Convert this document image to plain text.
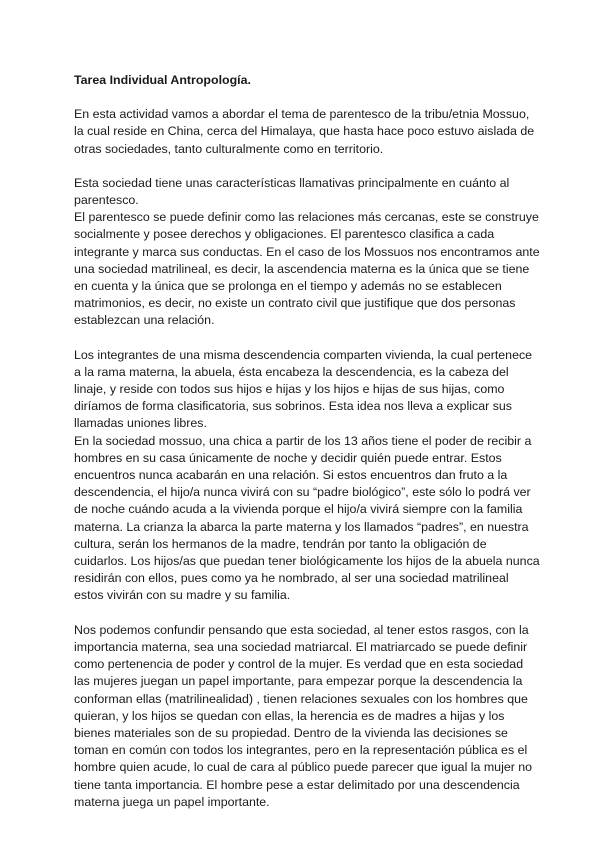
Tarea Individual Antropología.
En esta actividad vamos a abordar el tema de parentesco de la tribu/etnia Mossuo,
la cual reside en China, cerca del Himalaya, que hasta hace poco estuvo aislada de
otras sociedades, tanto culturalmente como en territorio.
Esta sociedad tiene unas características llamativas principalmente en cuánto al
parentesco.
El parentesco se puede definir como las relaciones más cercanas, este se construye
socialmente y posee derechos y obligaciones. El parentesco clasifica a cada
integrante y marca sus conductas. En el caso de los Mossuos nos encontramos ante
una sociedad matrilineal, es decir, la ascendencia materna es la única que se tiene
en cuenta y la única que se prolonga en el tiempo y además no se establecen
matrimonios, es decir, no existe un contrato civil que justifique que dos personas
establezcan una relación.
Los integrantes de una misma descendencia comparten vivienda, la cual pertenece
a la rama materna, la abuela, ésta encabeza la descendencia, es la cabeza del
linaje, y reside con todos sus hijos e hijas y los hijos e hijas de sus hijas, como
diríamos de forma clasificatoria, sus sobrinos. Esta idea nos lleva a explicar sus
llamadas uniones libres.
En la sociedad mossuo, una chica a partir de los 13 años tiene el poder de recibir a
hombres en su casa únicamente de noche y decidir quién puede entrar. Estos
encuentros nunca acabarán en una relación. Si estos encuentros dan fruto a la
descendencia, el hijo/a nunca vivirá con su “padre biológico”, este sólo lo podrá ver
de noche cuándo acuda a la vivienda porque el hijo/a vivirá siempre con la familia
materna. La crianza la abarca la parte materna y los llamados “padres”, en nuestra
cultura, serán los hermanos de la madre, tendrán por tanto la obligación de
cuidarlos. Los hijos/as que puedan tener biológicamente los hijos de la abuela nunca
residirán con ellos, pues como ya he nombrado, al ser una sociedad matrilineal
estos vivirán con su madre y su familia.
Nos podemos confundir pensando que esta sociedad, al tener estos rasgos, con la
importancia materna, sea una sociedad matriarcal. El matriarcado se puede definir
como pertenencia de poder y control de la mujer. Es verdad que en esta sociedad
las mujeres juegan un papel importante, para empezar porque la descendencia la
conforman ellas (matrilinealidad) , tienen relaciones sexuales con los hombres que
quieran, y los hijos se quedan con ellas, la herencia es de madres a hijas y los
bienes materiales son de su propiedad. Dentro de la vivienda las decisiones se
toman en común con todos los integrantes, pero en la representación pública es el
hombre quien acude, lo cual de cara al público puede parecer que igual la mujer no
tiene tanta importancia. El hombre pese a estar delimitado por una descendencia
materna juega un papel importante.
